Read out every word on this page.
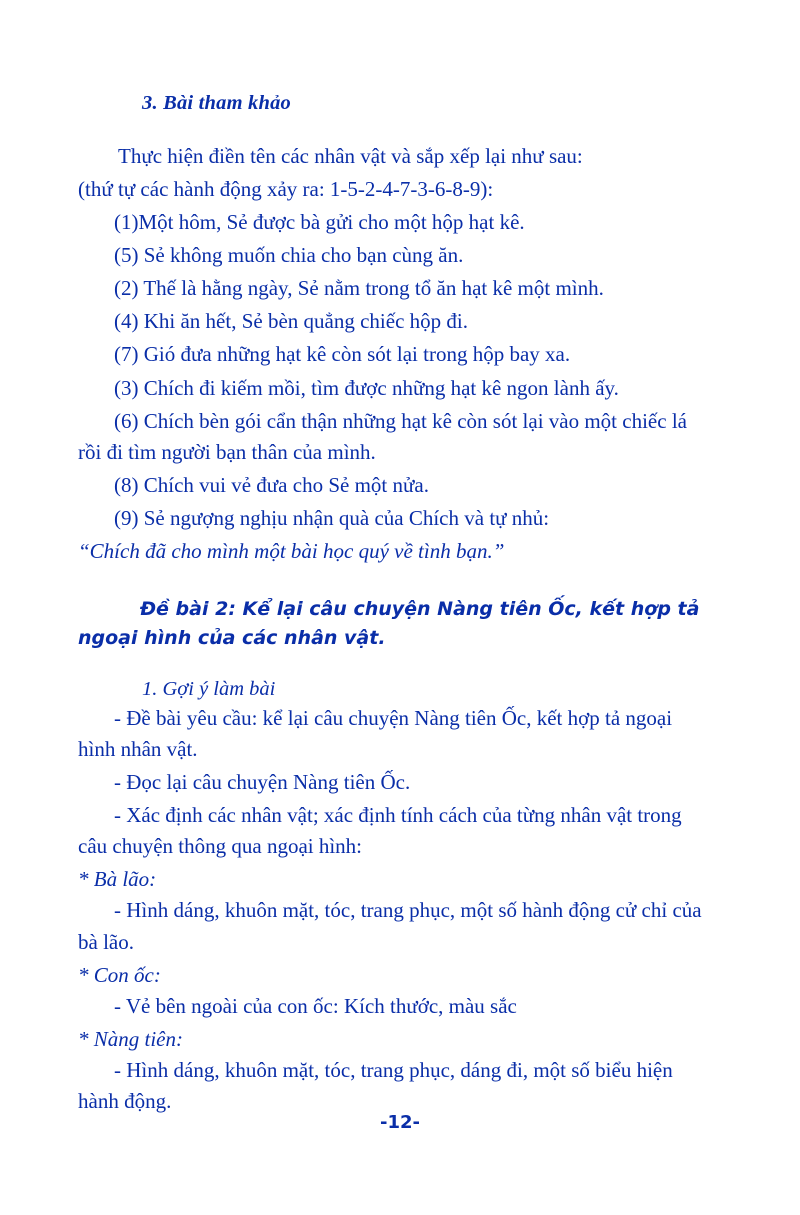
3. Bài tham khảo

Thực hiện điền tên các nhân vật và sắp xếp lại như sau:

(thứ tự các hành động xảy ra: 1-5-2-4-7-3-6-8-9):

(1)Một hôm, Sẻ được bà gửi cho một hộp hạt kê.

(5) Sẻ không muốn chia cho bạn cùng ăn.

(2) Thế là hằng ngày, Sẻ nằm trong tổ ăn hạt kê một mình.

(4) Khi ăn hết, Sẻ bèn quẳng chiếc hộp đi.

(7) Gió đưa những hạt kê còn sót lại trong hộp bay xa.

(3) Chích đi kiếm mồi, tìm được những hạt kê ngon lành ấy.

(6) Chích bèn gói cẩn thận những hạt kê còn sót lại vào một chiếc lá rồi đi tìm người bạn thân của mình.

(8) Chích vui vẻ đưa cho Sẻ một nửa.

(9) Sẻ ngượng nghịu nhận quà của Chích và tự nhủ:

“Chích đã cho mình một bài học quý về tình bạn.”

Đề bài 2: Kể lại câu chuyện Nàng tiên Ốc, kết hợp tả
ngoại hình của các nhân vật.
1. Gợi ý làm bài

- Đề bài yêu cầu: kể lại câu chuyện Nàng tiên Ốc, kết hợp tả ngoại hình nhân vật.

- Đọc lại câu chuyện Nàng tiên Ốc.

- Xác định các nhân vật; xác định tính cách của từng nhân vật trong câu chuyện thông qua ngoại hình:

* Bà lão:

- Hình dáng, khuôn mặt, tóc, trang phục, một số hành động cử chỉ của bà lão.

* Con ốc:

- Vẻ bên ngoài của con ốc: Kích thước, màu sắc

* Nàng tiên:

- Hình dáng, khuôn mặt, tóc, trang phục, dáng đi, một số biểu hiện hành động.

-12-
